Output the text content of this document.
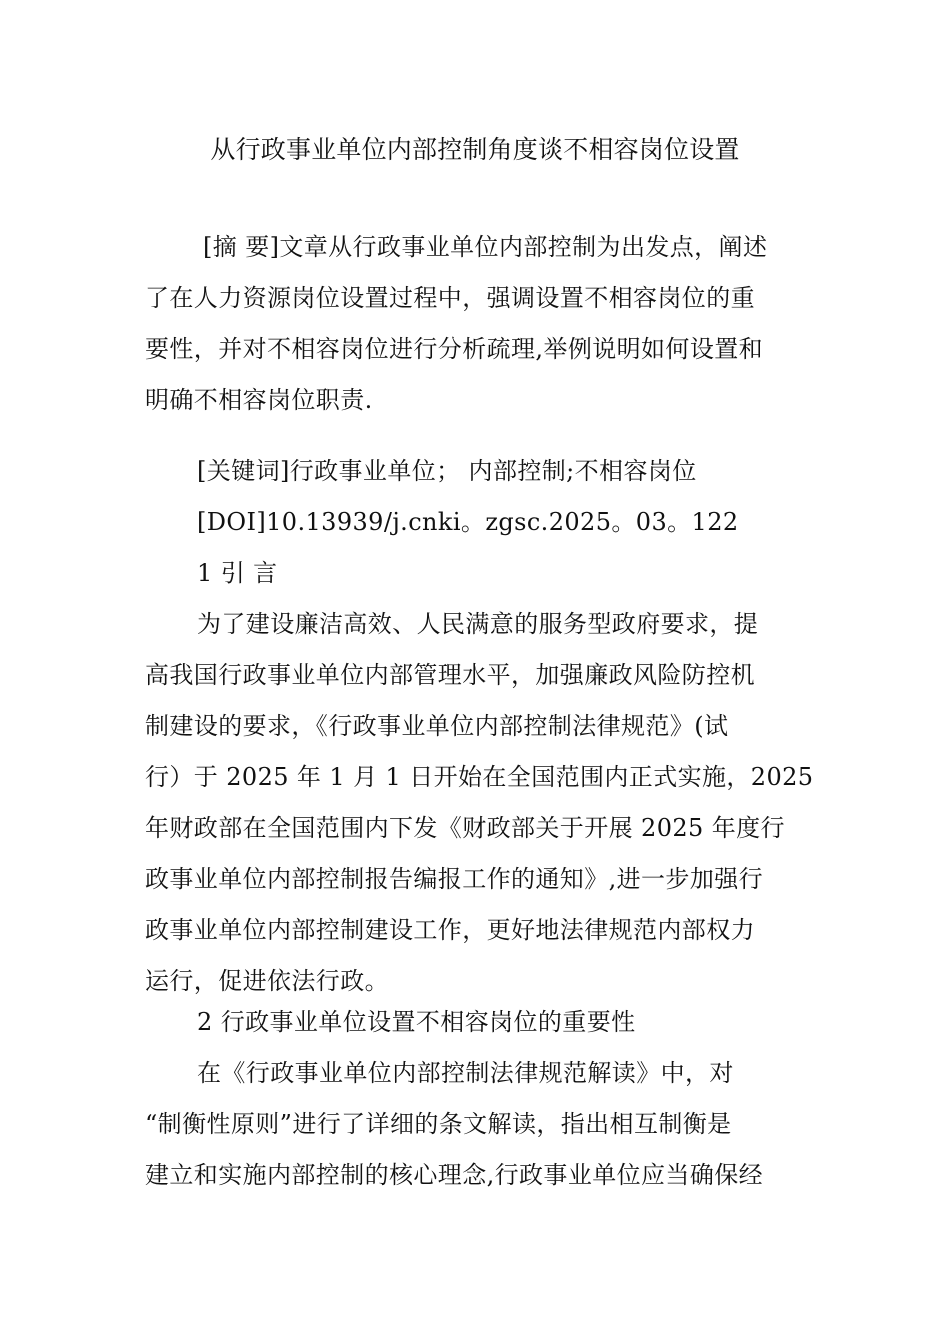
从行政事业单位内部控制角度谈不相容岗位设置
[摘 要]文章从行政事业单位内部控制为出发点，阐述
了在人力资源岗位设置过程中，强调设置不相容岗位的重
要性，并对不相容岗位进行分析疏理,举例说明如何设置和
明确不相容岗位职责.
[关键词]行政事业单位； 内部控制;不相容岗位
[DOI]10.13939/j.cnki。zgsc.2025。03。122
1 引 言
为了建设廉洁高效、人民满意的服务型政府要求，提
高我国行政事业单位内部管理水平，加强廉政风险防控机
制建设的要求，《行政事业单位内部控制法律规范》(试
行）于 2025 年 1 月 1 日开始在全国范围内正式实施，2025
年财政部在全国范围内下发《财政部关于开展 2025 年度行
政事业单位内部控制报告编报工作的通知》,进一步加强行
政事业单位内部控制建设工作，更好地法律规范内部权力
运行，促进依法行政。
2 行政事业单位设置不相容岗位的重要性
在《行政事业单位内部控制法律规范解读》中，对
“制衡性原则”进行了详细的条文解读，指出相互制衡是
建立和实施内部控制的核心理念,行政事业单位应当确保经
